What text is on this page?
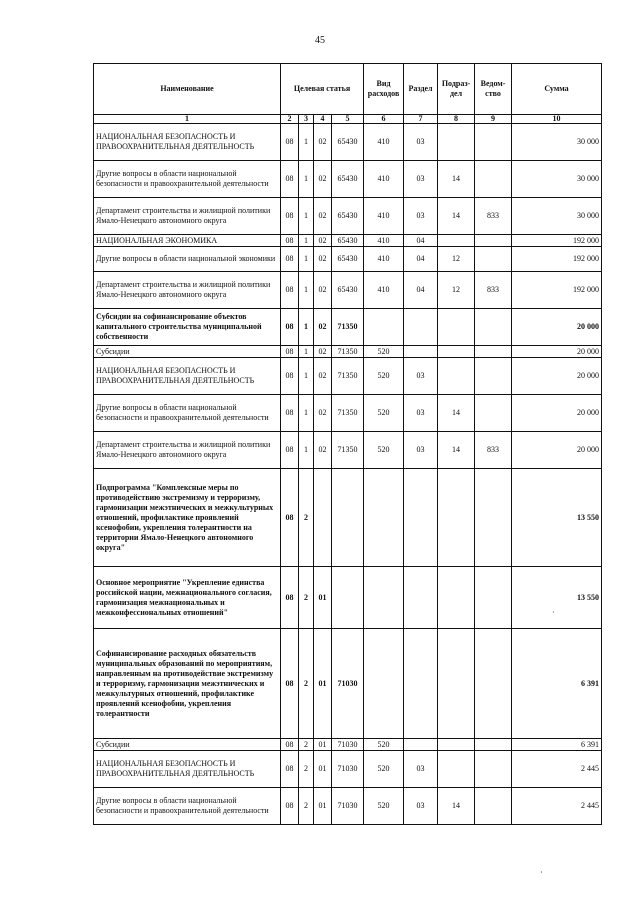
45
Наименование	Целевая статья				Вид расходов	Раздел	Подраз-дел	Ведом-ство	Сумма
1	2	3	4	5	6	7	8	9	10
НАЦИОНАЛЬНАЯ БЕЗОПАСНОСТЬ И ПРАВООХРАНИТЕЛЬНАЯ ДЕЯТЕЛЬНОСТЬ	08	1	02	65430	410	03			30 000
Другие вопросы в области национальной безопасности и правоохранительной деятельности	08	1	02	65430	410	03	14		30 000
Департамент строительства и жилищной политики Ямало-Ненецкого автономного округа	08	1	02	65430	410	03	14	833	30 000
НАЦИОНАЛЬНАЯ ЭКОНОМИКА	08	1	02	65430	410	04			192 000
Другие вопросы в области национальной экономики	08	1	02	65430	410	04	12		192 000
Департамент строительства и жилищной политики Ямало-Ненецкого автономного округа	08	1	02	65430	410	04	12	833	192 000
Субсидии на софинансирование объектов капитального строительства муниципальной собственности	08	1	02	71350					20 000
Субсидии	08	1	02	71350	520				20 000
НАЦИОНАЛЬНАЯ БЕЗОПАСНОСТЬ И ПРАВООХРАНИТЕЛЬНАЯ ДЕЯТЕЛЬНОСТЬ	08	1	02	71350	520	03			20 000
Другие вопросы в области национальной безопасности и правоохранительной деятельности	08	1	02	71350	520	03	14		20 000
Департамент строительства и жилищной политики Ямало-Ненецкого автономного округа	08	1	02	71350	520	03	14	833	20 000
Подпрограмма "Комплексные меры по противодействию экстремизму и терроризму, гармонизации межэтнических и межкультурных отношений, профилактике проявлений ксенофобии, укрепления толерантности на территории Ямало-Ненецкого автономного округа"	08	2							13 550
Основное мероприятие "Укрепление единства российской нации, межнационального согласия, гармонизация межнациональных и межконфессиональных отношений"	08	2	01						13 550
Софинансирование расходных обязательств муниципальных образований по мероприятиям, направленным на противодействие экстремизму и терроризму, гармонизации межэтнических и межкультурных отношений, профилактике проявлений ксенофобии, укрепления толерантности	08	2	01	71030					6 391
Субсидии	08	2	01	71030	520				6 391
НАЦИОНАЛЬНАЯ БЕЗОПАСНОСТЬ И ПРАВООХРАНИТЕЛЬНАЯ ДЕЯТЕЛЬНОСТЬ	08	2	01	71030	520	03			2 445
Другие вопросы в области национальной безопасности и правоохранительной деятельности	08	2	01	71030	520	03	14		2 445
·
·
